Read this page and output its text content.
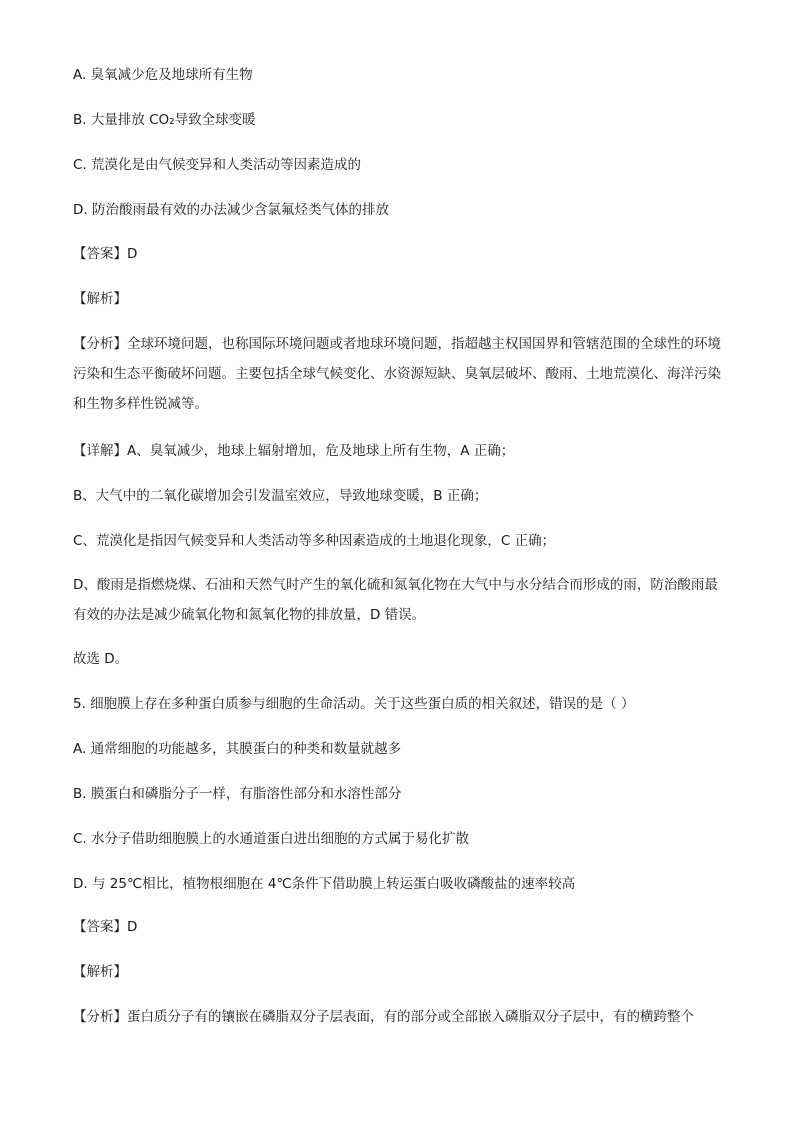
A. 臭氧减少危及地球所有生物
B. 大量排放 CO₂导致全球变暖
C. 荒漠化是由气候变异和人类活动等因素造成的
D. 防治酸雨最有效的办法减少含氯氟烃类气体的排放
【答案】D
【解析】
【分析】全球环境问题，也称国际环境问题或者地球环境问题，指超越主权国国界和管辖范围的全球性的环境污染和生态平衡破坏问题。主要包括全球气候变化、水资源短缺、臭氧层破坏、酸雨、土地荒漠化、海洋污染和生物多样性锐减等。
【详解】A、臭氧减少，地球上辐射增加，危及地球上所有生物，A 正确；
B、大气中的二氧化碳增加会引发温室效应，导致地球变暖，B 正确；
C、荒漠化是指因气候变异和人类活动等多种因素造成的土地退化现象，C 正确；
D、酸雨是指燃烧煤、石油和天然气时产生的氧化硫和氮氧化物在大气中与水分结合而形成的雨，防治酸雨最有效的办法是减少硫氧化物和氮氧化物的排放量，D 错误。
故选 D。
5. 细胞膜上存在多种蛋白质参与细胞的生命活动。关于这些蛋白质的相关叙述，错误的是（ ）
A. 通常细胞的功能越多，其膜蛋白的种类和数量就越多
B. 膜蛋白和磷脂分子一样，有脂溶性部分和水溶性部分
C. 水分子借助细胞膜上的水通道蛋白进出细胞的方式属于易化扩散
D. 与 25℃相比，植物根细胞在 4℃条件下借助膜上转运蛋白吸收磷酸盐的速率较高
【答案】D
【解析】
【分析】蛋白质分子有的镶嵌在磷脂双分子层表面，有的部分或全部嵌入磷脂双分子层中，有的横跨整个
